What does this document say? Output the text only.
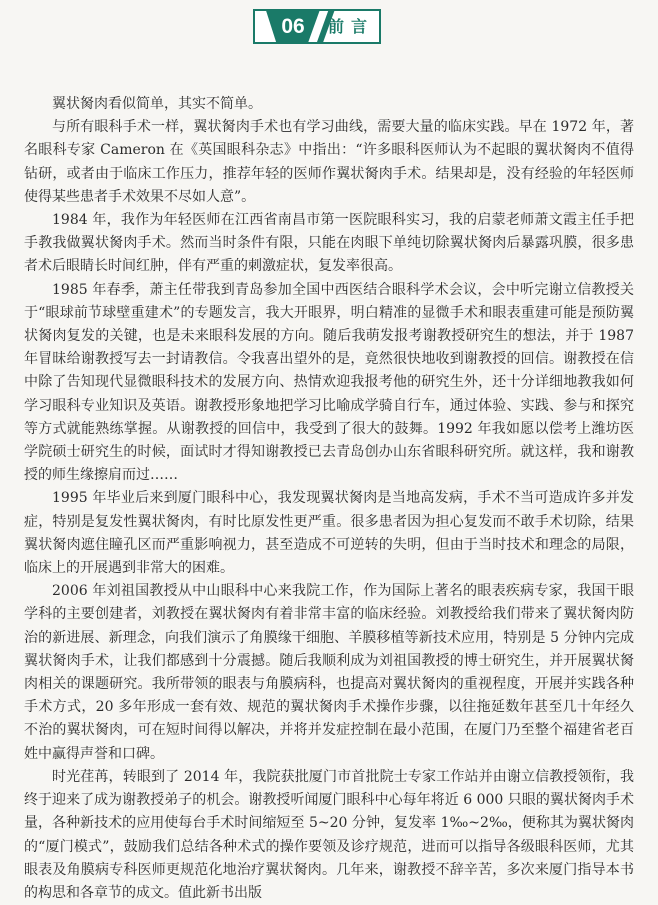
06	前言

翼状胬肉看似简单，其实不简单。

与所有眼科手术一样，翼状胬肉手术也有学习曲线，需要大量的临床实践。早在 1972 年，著名眼科专家 Cameron 在《英国眼科杂志》中指出：“许多眼科医师认为不起眼的翼状胬肉不值得钻研，或者由于临床工作压力，推荐年轻的医师作翼状胬肉手术。结果却是，没有经验的年轻医师使得某些患者手术效果不尽如人意”。

1984 年，我作为年轻医师在江西省南昌市第一医院眼科实习，我的启蒙老师萧文霞主任手把手教我做翼状胬肉手术。然而当时条件有限，只能在肉眼下单纯切除翼状胬肉后暴露巩膜，很多患者术后眼睛长时间红肿，伴有严重的刺激症状，复发率很高。

1985 年春季，萧主任带我到青岛参加全国中西医结合眼科学术会议，会中听完谢立信教授关于“眼球前节球壁重建术”的专题发言，我大开眼界，明白精准的显微手术和眼表重建可能是预防翼状胬肉复发的关键，也是未来眼科发展的方向。随后我萌发报考谢教授研究生的想法，并于 1987 年冒昧给谢教授写去一封请教信。令我喜出望外的是，竟然很快地收到谢教授的回信。谢教授在信中除了告知现代显微眼科技术的发展方向、热情欢迎我报考他的研究生外，还十分详细地教我如何学习眼科专业知识及英语。谢教授形象地把学习比喻成学骑自行车，通过体验、实践、参与和探究等方式就能熟练掌握。从谢教授的回信中，我受到了很大的鼓舞。1992 年我如愿以偿考上潍坊医学院硕士研究生的时候，面试时才得知谢教授已去青岛创办山东省眼科研究所。就这样，我和谢教授的师生缘擦肩而过……

1995 年毕业后来到厦门眼科中心，我发现翼状胬肉是当地高发病，手术不当可造成许多并发症，特别是复发性翼状胬肉，有时比原发性更严重。很多患者因为担心复发而不敢手术切除，结果翼状胬肉遮住瞳孔区而严重影响视力，甚至造成不可逆转的失明，但由于当时技术和理念的局限，临床上的开展遇到非常大的困难。

2006 年刘祖国教授从中山眼科中心来我院工作，作为国际上著名的眼表疾病专家，我国干眼学科的主要创建者，刘教授在翼状胬肉有着非常丰富的临床经验。刘教授给我们带来了翼状胬肉防治的新进展、新理念，向我们演示了角膜缘干细胞、羊膜移植等新技术应用，特别是 5 分钟内完成翼状胬肉手术，让我们都感到十分震撼。随后我顺利成为刘祖国教授的博士研究生，并开展翼状胬肉相关的课题研究。我所带领的眼表与角膜病科，也提高对翼状胬肉的重视程度，开展并实践各种手术方式，20 多年形成一套有效、规范的翼状胬肉手术操作步骤，以往拖延数年甚至几十年经久不治的翼状胬肉，可在短时间得以解决，并将并发症控制在最小范围，在厦门乃至整个福建省老百姓中赢得声誉和口碑。

时光荏苒，转眼到了 2014 年，我院获批厦门市首批院士专家工作站并由谢立信教授领衔，我终于迎来了成为谢教授弟子的机会。谢教授听闻厦门眼科中心每年将近 6 000 只眼的翼状胬肉手术量，各种新技术的应用使每台手术时间缩短至 5~20 分钟，复发率 1‰~2‰，便称其为翼状胬肉的“厦门模式”，鼓励我们总结各种术式的操作要领及诊疗规范，进而可以指导各级眼科医师，尤其眼表及角膜病专科医师更规范化地治疗翼状胬肉。几年来，谢教授不辞辛苦，多次来厦门指导本书的构思和各章节的成文。值此新书出版
